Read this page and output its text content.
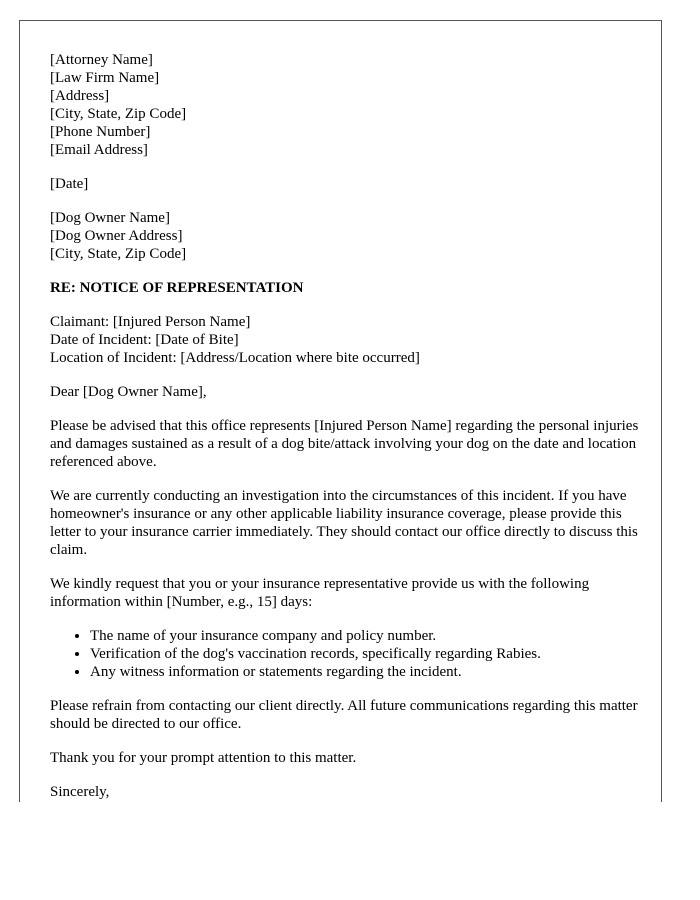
[Attorney Name]
[Law Firm Name]
[Address]
[City, State, Zip Code]
[Phone Number]
[Email Address]
[Date]
[Dog Owner Name]
[Dog Owner Address]
[City, State, Zip Code]
RE: NOTICE OF REPRESENTATION
Claimant: [Injured Person Name]
Date of Incident: [Date of Bite]
Location of Incident: [Address/Location where bite occurred]

Dear [Dog Owner Name],

Please be advised that this office represents [Injured Person Name] regarding the personal injuries and damages sustained as a result of a dog bite/attack involving your dog on the date and location referenced above.

We are currently conducting an investigation into the circumstances of this incident. If you have homeowner's insurance or any other applicable liability insurance coverage, please provide this letter to your insurance carrier immediately. They should contact our office directly to discuss this claim.

We kindly request that you or your insurance representative provide us with the following information within [Number, e.g., 15] days:

• The name of your insurance company and policy number.
• Verification of the dog's vaccination records, specifically regarding Rabies.
• Any witness information or statements regarding the incident.

Please refrain from contacting our client directly. All future communications regarding this matter should be directed to our office.

Thank you for your prompt attention to this matter.

Sincerely,
